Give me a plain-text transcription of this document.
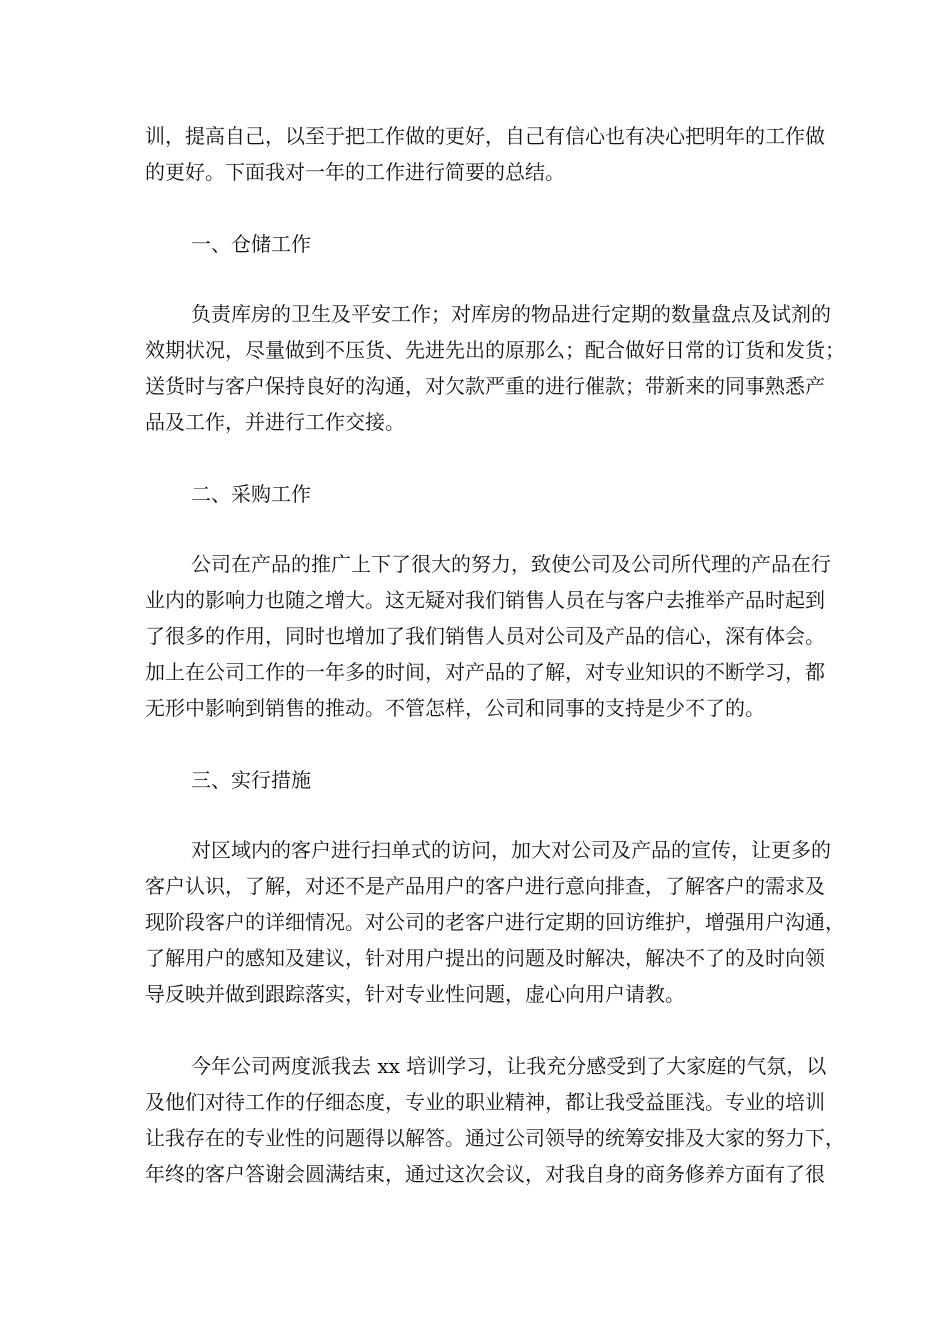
训，提高自己，以至于把工作做的更好，自己有信心也有决心把明年的工作做
的更好。下面我对一年的工作进行简要的总结。
一、仓储工作
负责库房的卫生及平安工作；对库房的物品进行定期的数量盘点及试剂的
效期状况，尽量做到不压货、先进先出的原那么；配合做好日常的订货和发货；
送货时与客户保持良好的沟通，对欠款严重的进行催款；带新来的同事熟悉产
品及工作，并进行工作交接。
二、采购工作
公司在产品的推广上下了很大的努力，致使公司及公司所代理的产品在行
业内的影响力也随之增大。这无疑对我们销售人员在与客户去推举产品时起到
了很多的作用，同时也增加了我们销售人员对公司及产品的信心，深有体会。
加上在公司工作的一年多的时间，对产品的了解，对专业知识的不断学习，都
无形中影响到销售的推动。不管怎样，公司和同事的支持是少不了的。
三、实行措施
对区域内的客户进行扫单式的访问，加大对公司及产品的宣传，让更多的
客户认识，了解，对还不是产品用户的客户进行意向排查，了解客户的需求及
现阶段客户的详细情况。对公司的老客户进行定期的回访维护，增强用户沟通，
了解用户的感知及建议，针对用户提出的问题及时解决，解决不了的及时向领
导反映并做到跟踪落实，针对专业性问题，虚心向用户请教。
今年公司两度派我去 xx 培训学习，让我充分感受到了大家庭的气氛，以
及他们对待工作的仔细态度，专业的职业精神，都让我受益匪浅。专业的培训
让我存在的专业性的问题得以解答。通过公司领导的统筹安排及大家的努力下，
年终的客户答谢会圆满结束，通过这次会议，对我自身的商务修养方面有了很
